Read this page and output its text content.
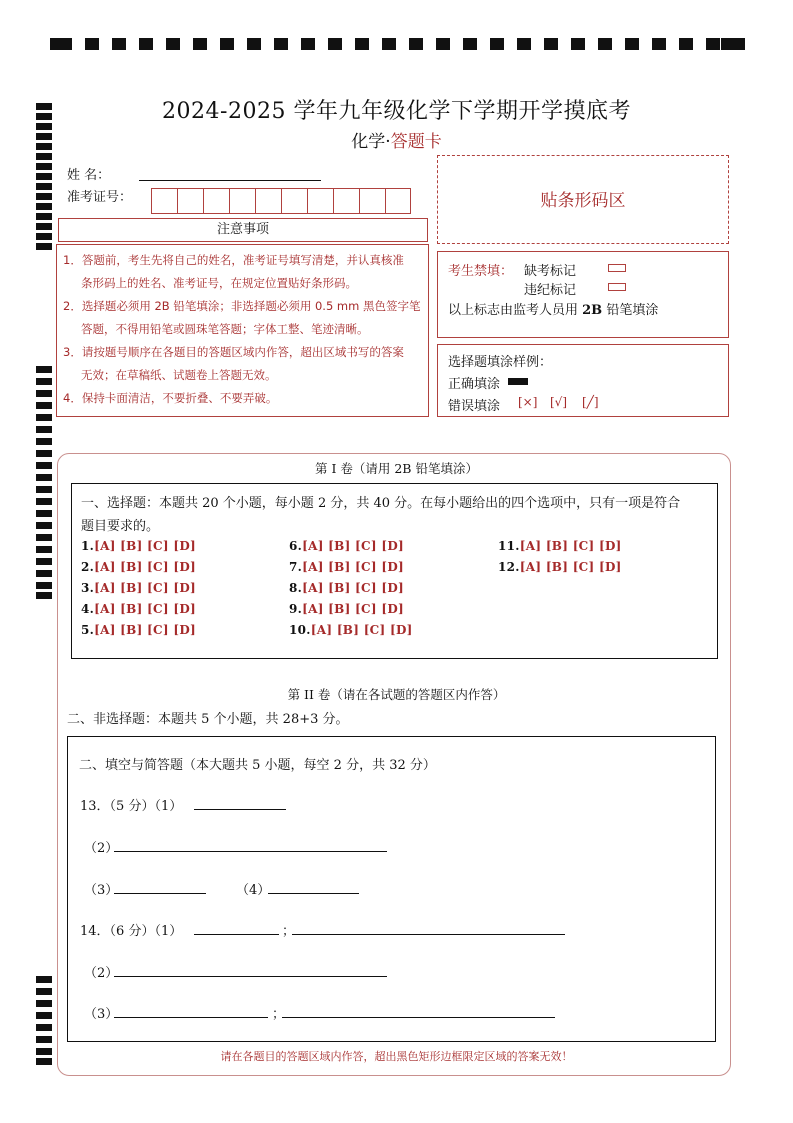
2024-2025 学年九年级化学下学期开学摸底考
化学·答题卡
姓 名：
准考证号：	贴条形码区
注意事项

1．答题前，考生先将自己的姓名，准考证号填写清楚，并认真核准

条形码上的姓名、准考证号，在规定位置贴好条形码。

2．选择题必须用 2B 铅笔填涂；非选择题必须用 0.5 mm 黑色签字笔

答题，不得用铅笔或圆珠笔答题；字体工整、笔迹清晰。

3．请按题号顺序在各题目的答题区域内作答，超出区域书写的答案

无效；在草稿纸、试题卷上答题无效。

4．保持卡面清洁，不要折叠、不要弄破。

考生禁填： 缺考标记
违纪标记
以上标志由监考人员用 2B 铅笔填涂
选择题填涂样例：
正确填涂
错误填涂 [×] [√] [╱]
第 I 卷（请用 2B 铅笔填涂）
一、选择题：本题共 20 个小题，每小题 2 分，共 40 分。在每小题给出的四个选项中，只有一项是符合
题目要求的。
1.[A] [B] [C] [D]
2.[A] [B] [C] [D]
3.[A] [B] [C] [D]
4.[A] [B] [C] [D]
5.[A] [B] [C] [D]
6.[A] [B] [C] [D]
7.[A] [B] [C] [D]
8.[A] [B] [C] [D]
9.[A] [B] [C] [D]
10.[A] [B] [C] [D]
11.[A] [B] [C] [D]
12.[A] [B] [C] [D]
第 II 卷（请在各试题的答题区内作答）
二、非选择题：本题共 5 个小题，共 28+3 分。
二、填空与简答题（本大题共 5 小题，每空 2 分，共 32 分）
13．（5 分）（1）
（2）
（3）	（4）
14．（6 分）（1）	；
（2）
（3）	；
请在各题目的答题区域内作答，超出黑色矩形边框限定区域的答案无效！
